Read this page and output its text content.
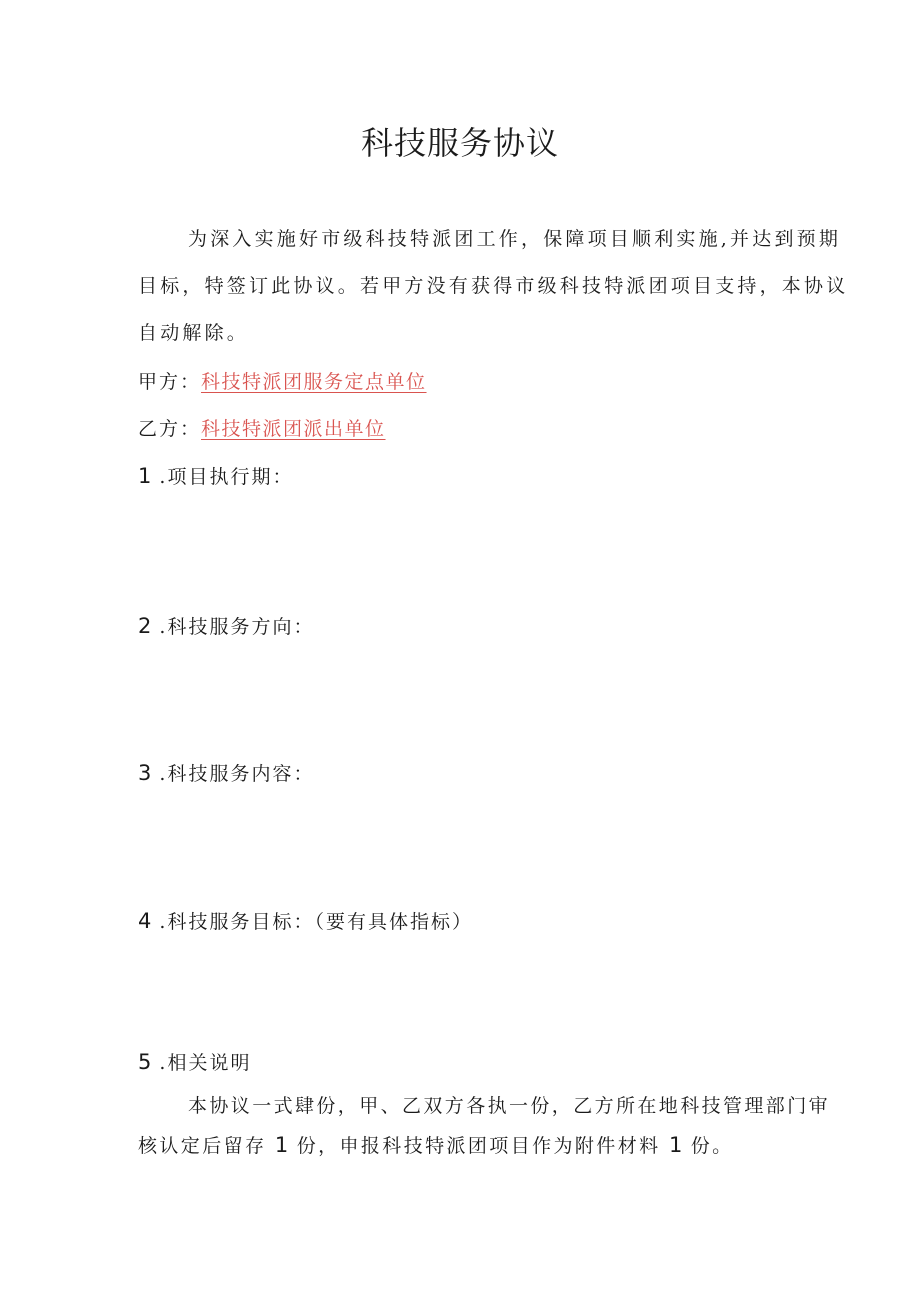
科技服务协议
为深入实施好市级科技特派团工作，保障项目顺利实施,并达到预期
目标，特签订此协议。若甲方没有获得市级科技特派团项目支持，本协议
自动解除。
甲方：科技特派团服务定点单位
乙方：科技特派团派出单位
1 .项目执行期：
2 .科技服务方向：
3 .科技服务内容：
4 .科技服务目标：（要有具体指标）
5 .相关说明
本协议一式肆份，甲、乙双方各执一份，乙方所在地科技管理部门审
核认定后留存 1 份，申报科技特派团项目作为附件材料 1 份。
